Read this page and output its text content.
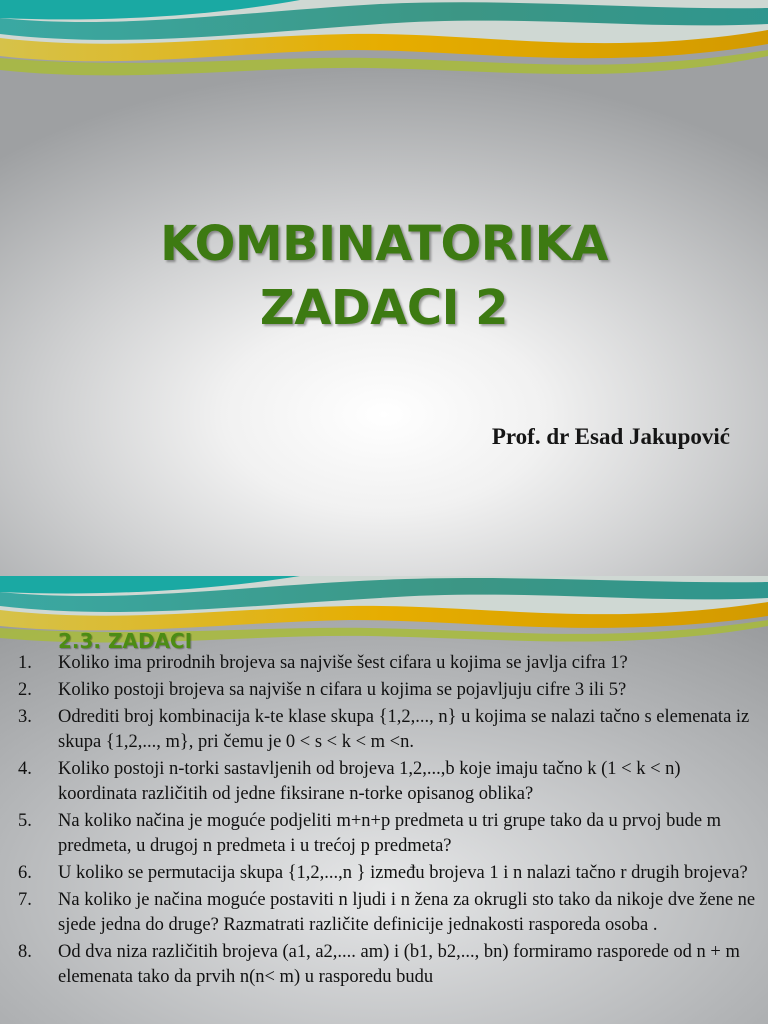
KOMBINATORIKA
ZADACI 2
Prof. dr Esad Jakupović
2.3. ZADACI
1. Koliko ima prirodnih brojeva sa najviše šest cifara u kojima se javlja cifra 1?
2. Koliko postoji brojeva sa najviše n cifara u kojima se pojavljuju cifre 3 ili 5?
3. Odrediti broj kombinacija k-te klase skupa {1,2,..., n} u kojima se nalazi tačno s elemenata iz skupa {1,2,..., m}, pri čemu je 0 < s < k < m <n.
4. Koliko postoji n-torki sastavljenih od brojeva 1,2,...,b koje imaju tačno k (1 < k < n) koordinata različitih od jedne fiksirane n-torke opisanog oblika?
5. Na koliko načina je moguće podjeliti m+n+p predmeta u tri grupe tako da u prvoj bude m predmeta, u drugoj n predmeta i u trećoj p predmeta?
6. U koliko se permutacija skupa {1,2,...,n } između brojeva 1 i n nalazi tačno r drugih brojeva?
7. Na koliko je načina moguće postaviti n ljudi i n žena za okrugli sto tako da nikoje dve žene ne sjede jedna do druge? Razmatrati različite definicije jednakosti rasporeda osoba .
8. Od dva niza različitih brojeva (a1, a2,.... am) i (b1, b2,..., bn) formiramo rasporede od n + m elemenata tako da prvih n(n< m) u rasporedu budu
